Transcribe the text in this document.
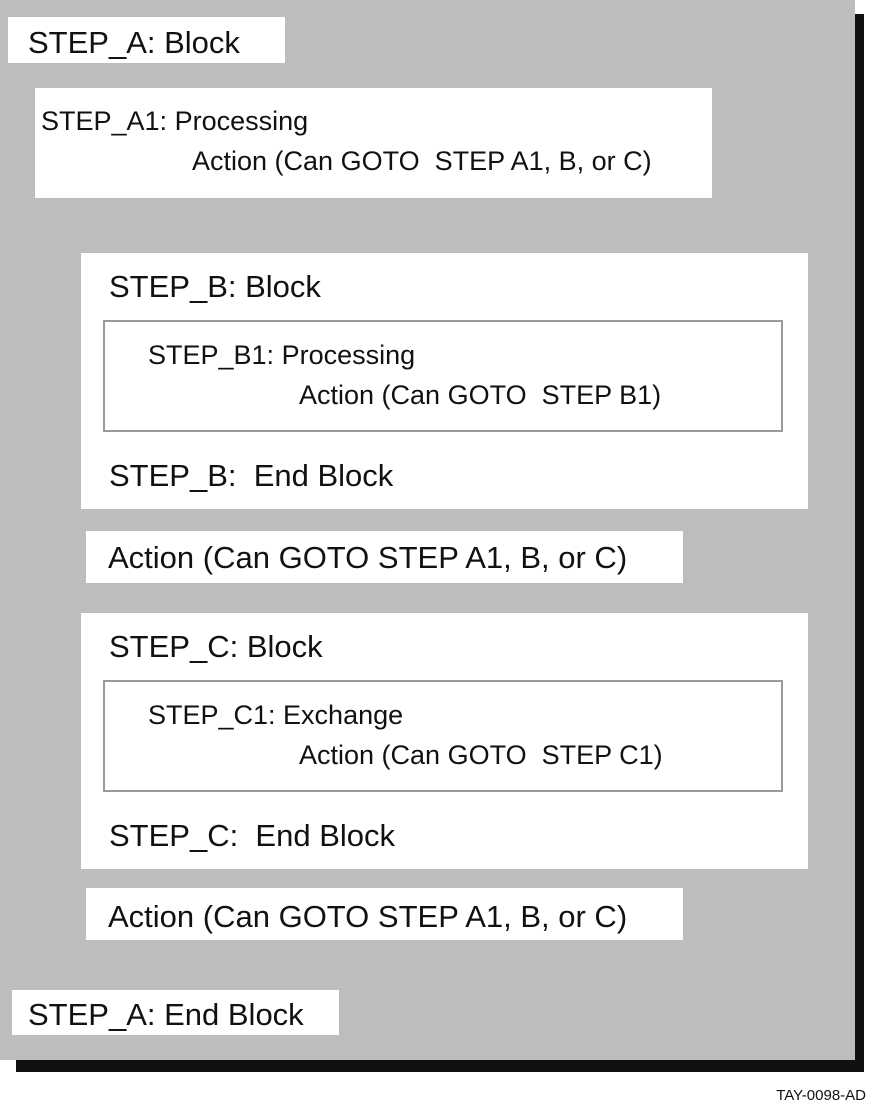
STEP_A: Block
STEP_A1: Processing
Action (Can GOTO  STEP A1, B, or C)
STEP_B: Block
STEP_B1: Processing
Action (Can GOTO  STEP B1)
STEP_B:  End Block
Action (Can GOTO STEP A1, B, or C)
STEP_C: Block
STEP_C1: Exchange
Action (Can GOTO  STEP C1)
STEP_C:  End Block
Action (Can GOTO STEP A1, B, or C)
STEP_A: End Block
TAY-0098-AD
